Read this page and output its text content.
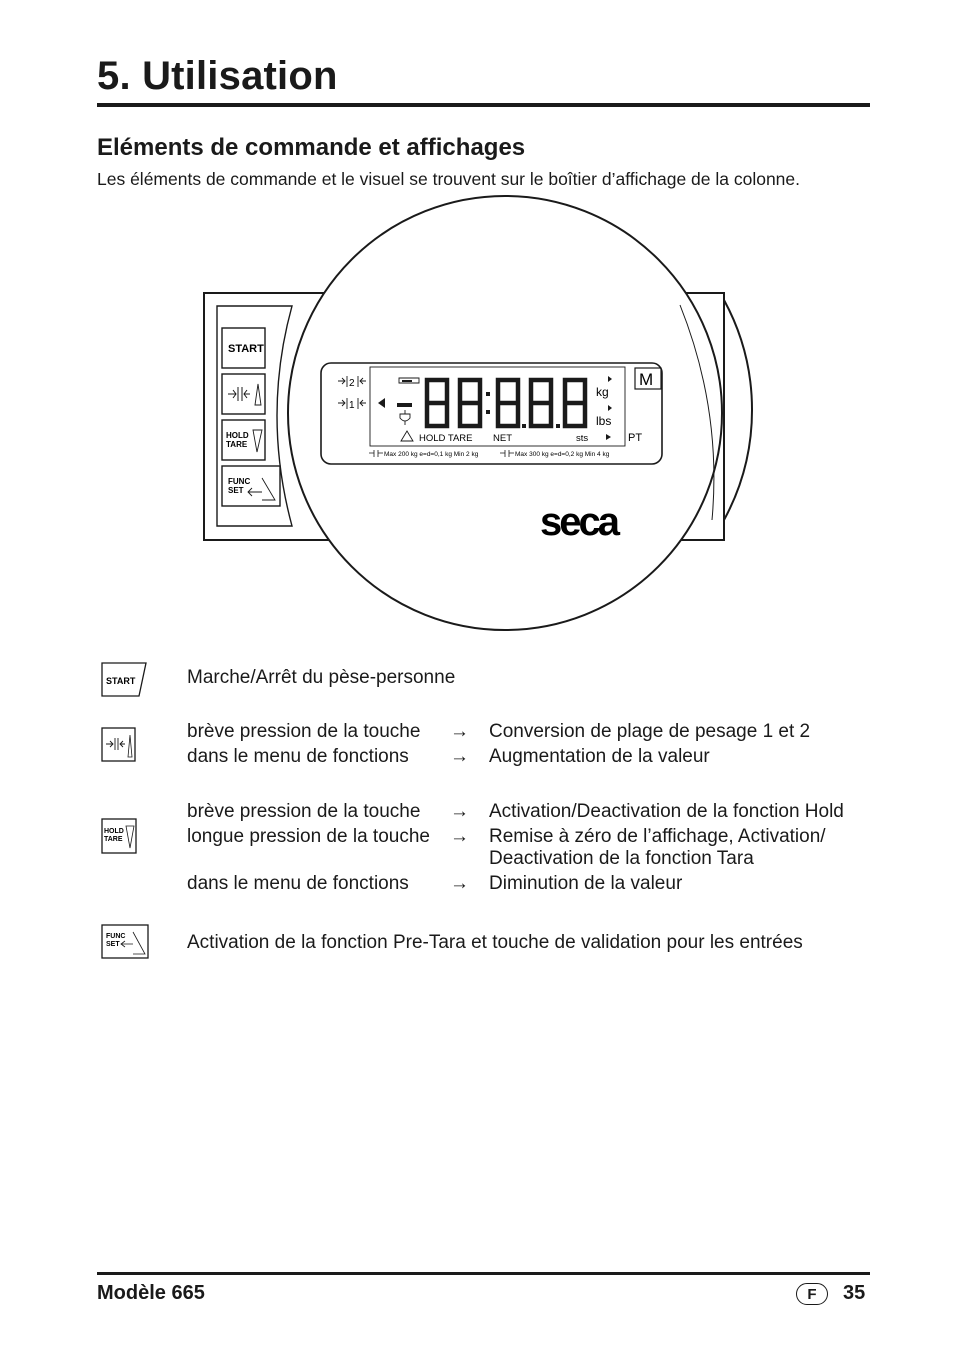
5. Utilisation
Eléments de commande et affichages
Les éléments de commande et le visuel se trouvent sur le boîtier d’affichage de la colonne.
START
HOLD
TARE
FUNC
SET
2
1
kg
lbs
M
HOLD TARE NET	sts	PT
Max 200 kg e=d=0,1 kg Min 2 kg	Max 300 kg e=d=0,2 kg Min 4 kg
seca
START	Marche/Arrêt du pèse-personne
brève pression de la touche → Conversion de plage de pesage 1 et 2
dans le menu de fonctions → Augmentation de la valeur
HOLD
TARE
brève pression de la touche → Activation/Deactivation de la fonction Hold
longue pression de la touche → Remise à zéro de l’affichage, Activation/
Deactivation de la fonction Tara
dans le menu de fonctions → Diminution de la valeur
FUNC
SET	Activation de la fonction Pre-Tara et touche de validation pour les entrées
Modèle 665	F	35
